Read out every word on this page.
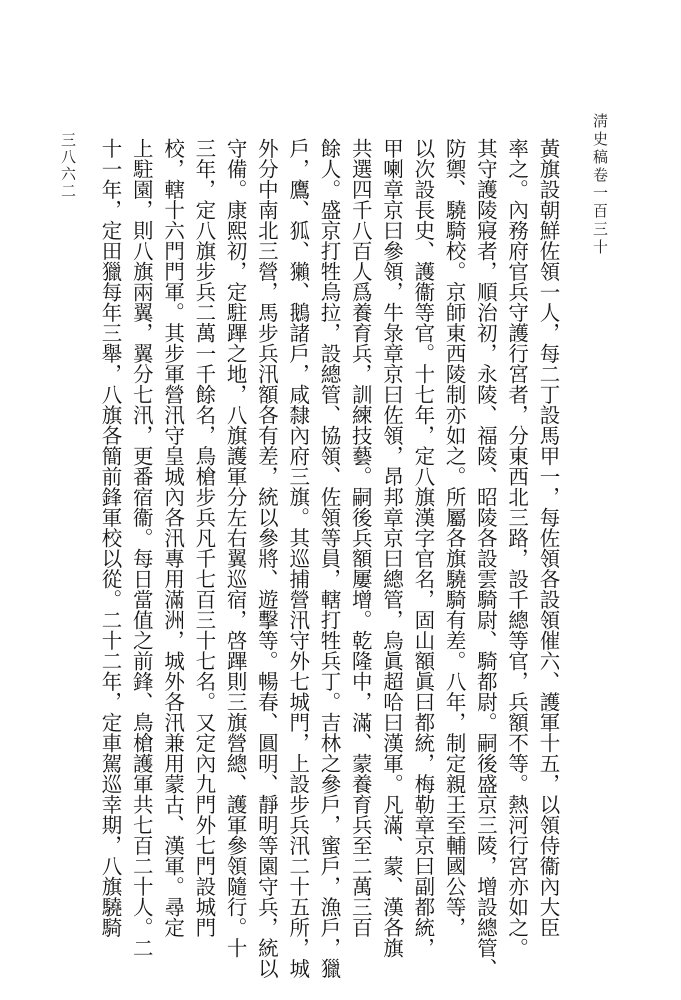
淸史稿卷一百三十
三八六二	黃旗設朝鮮佐領一人，每二丁設馬甲一，每佐領各設領催六、護軍十五，以領侍衞內大臣
率之。內務府官兵守護行宮者，分東西北三路，設千總等官，兵額不等。熱河行宮亦如之。
其守護陵寢者，順治初，永陵、福陵、昭陵各設雲騎尉、騎都尉。嗣後盛京三陵，增設總管、
防禦、驍騎校。京師東西陵制亦如之。所屬各旗驍騎有差。八年，制定親王至輔國公等，
以次設長史、護衞等官。十七年，定八旗漢字官名，固山額眞曰都統，梅勒章京曰副都統，
甲喇章京曰參領，牛彔章京曰佐領，昂邦章京曰總管，烏眞超哈曰漢軍。凡滿、蒙、漢各旗
共選四千八百人爲養育兵，訓練技藝。嗣後兵額屢增。乾隆中，滿、蒙養育兵至二萬三百
餘人。盛京打牲烏拉，設總管、協領、佐領等員，轄打牲兵丁。吉林之參戶，蜜戶，漁戶，獵
戶，鷹、狐、獺、鵝諸戶，咸隸內府三旗。其巡捕營汛守外七城門，上設步兵汛二十五所，城
外分中南北三營，馬步兵汛額各有差，統以參將、遊擊等。暢春、圓明、靜明等園守兵，統以
守備。康熙初，定駐蹕之地，八旗護軍分左右翼巡宿，啓蹕則三旗營總、護軍參領隨行。十
三年，定八旗步兵二萬一千餘名，鳥槍步兵凡千七百三十七名。又定內九門外七門設城門
校，轄十六門門軍。其步軍營汛守皇城內各汛專用滿洲，城外各汛兼用蒙古、漢軍。尋定
上駐園，則八旗兩翼，翼分七汛，更番宿衞。每日當值之前鋒、鳥槍護軍共七百二十人。二
十一年，定田獵每年三舉，八旗各簡前鋒軍校以從。二十二年，定車駕巡幸期，八旗驍騎
